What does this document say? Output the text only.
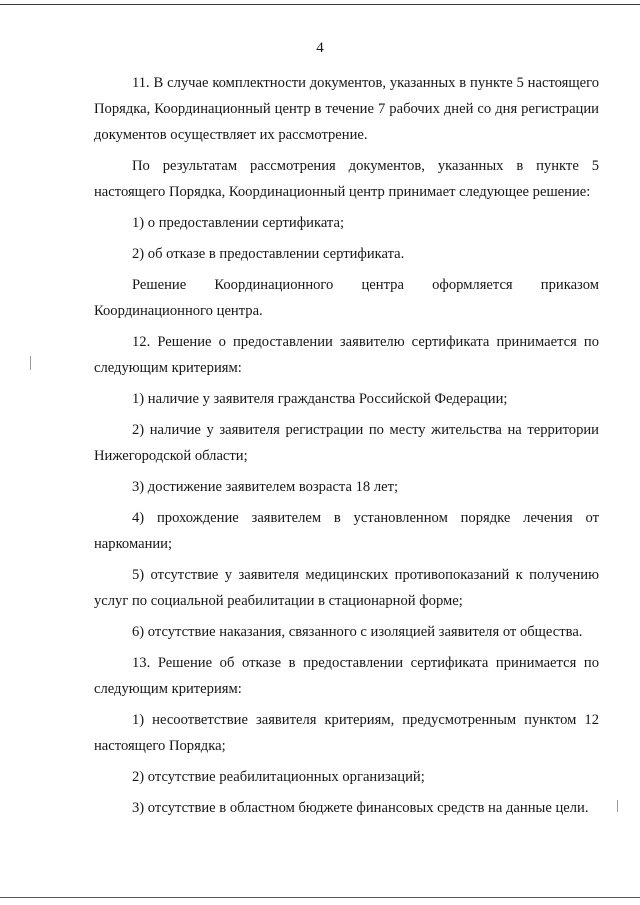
4

11. В случае комплектности документов, указанных в пункте 5 настоящего Порядка, Координационный центр в течение 7 рабочих дней со дня регистрации документов осуществляет их рассмотрение.

По результатам рассмотрения документов, указанных в пункте 5 настоящего Порядка, Координационный центр принимает следующее решение:

1) о предоставлении сертификата;

2) об отказе в предоставлении сертификата.

Решение Координационного центра оформляется приказом Координационного центра.

12. Решение о предоставлении заявителю сертификата принимается по следующим критериям:

1) наличие у заявителя гражданства Российской Федерации;

2) наличие у заявителя регистрации по месту жительства на территории Нижегородской области;

3) достижение заявителем возраста 18 лет;

4) прохождение заявителем в установленном порядке лечения от наркомании;

5) отсутствие у заявителя медицинских противопоказаний к получению услуг по социальной реабилитации в стационарной форме;

6) отсутствие наказания, связанного с изоляцией заявителя от общества.

13. Решение об отказе в предоставлении сертификата принимается по следующим критериям:

1) несоответствие заявителя критериям, предусмотренным пунктом 12 настоящего Порядка;

2) отсутствие реабилитационных организаций;

3) отсутствие в областном бюджете финансовых средств на данные цели.
